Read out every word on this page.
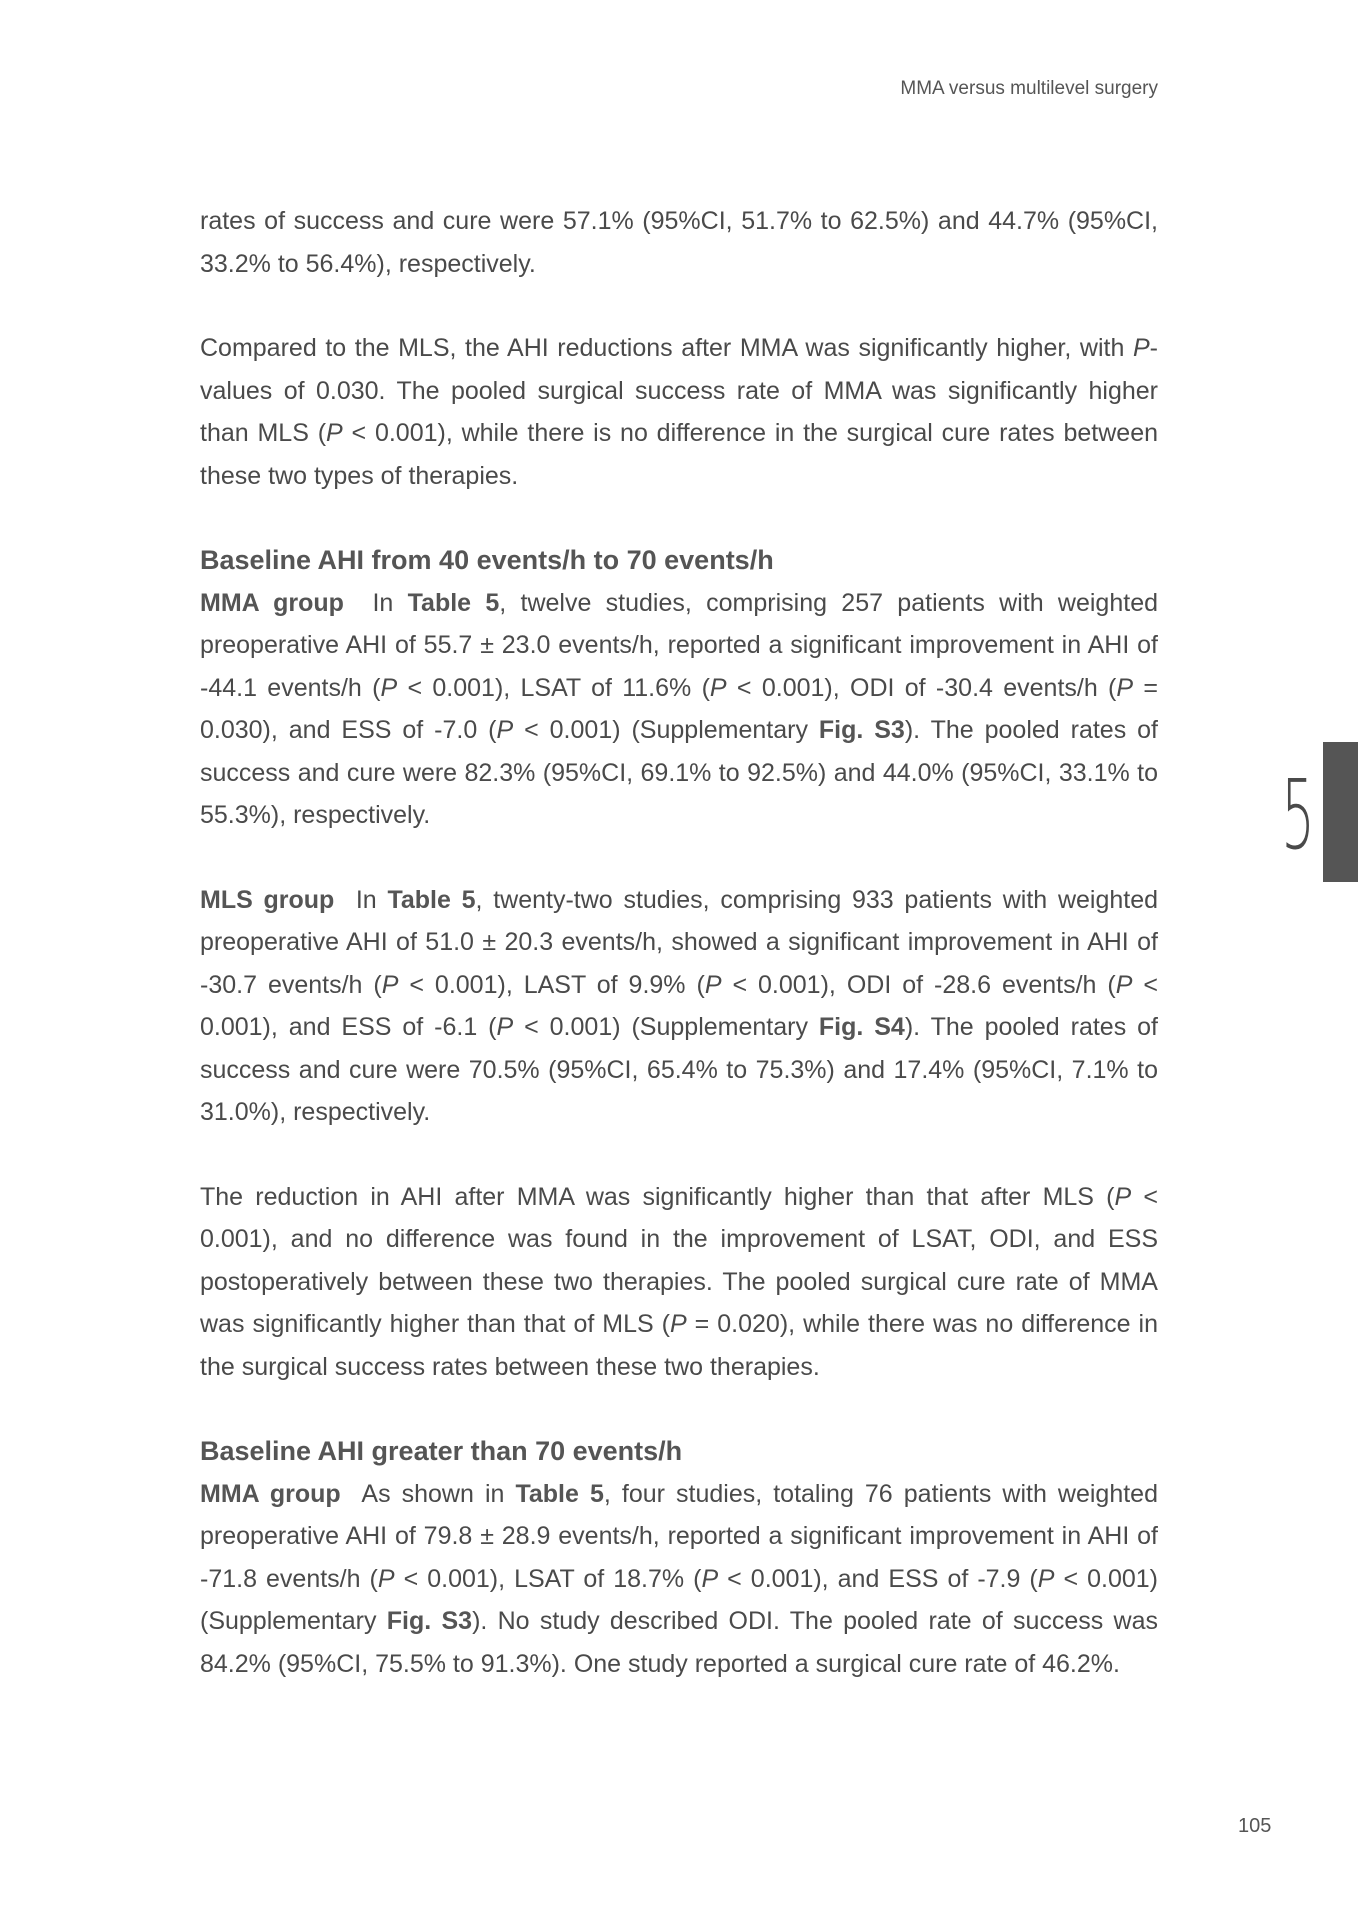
MMA versus multilevel surgery

5

rates of success and cure were 57.1% (95%CI, 51.7% to 62.5%) and 44.7% (95%CI, 33.2% to 56.4%), respectively.

Compared to the MLS, the AHI reductions after MMA was significantly higher, with P-values of 0.030. The pooled surgical success rate of MMA was significantly higher than MLS (P < 0.001), while there is no difference in the surgical cure rates between these two types of therapies.

Baseline AHI from 40 events/h to 70 events/h

MMA group  In Table 5, twelve studies, comprising 257 patients with weighted preoperative AHI of 55.7 ± 23.0 events/h, reported a significant improvement in AHI of -44.1 events/h (P < 0.001), LSAT of 11.6% (P < 0.001), ODI of -30.4 events/h (P = 0.030), and ESS of -7.0 (P < 0.001) (Supplementary Fig. S3). The pooled rates of success and cure were 82.3% (95%CI, 69.1% to 92.5%) and 44.0% (95%CI, 33.1% to 55.3%), respectively.

MLS group  In Table 5, twenty-two studies, comprising 933 patients with weighted preoperative AHI of 51.0 ± 20.3 events/h, showed a significant improvement in AHI of -30.7 events/h (P < 0.001), LAST of 9.9% (P < 0.001), ODI of -28.6 events/h (P < 0.001), and ESS of -6.1 (P < 0.001) (Supplementary Fig. S4). The pooled rates of success and cure were 70.5% (95%CI, 65.4% to 75.3%) and 17.4% (95%CI, 7.1% to 31.0%), respectively.

The reduction in AHI after MMA was significantly higher than that after MLS (P < 0.001), and no difference was found in the improvement of LSAT, ODI, and ESS postoperatively between these two therapies. The pooled surgical cure rate of MMA was significantly higher than that of MLS (P = 0.020), while there was no difference in the surgical success rates between these two therapies.

Baseline AHI greater than 70 events/h

MMA group  As shown in Table 5, four studies, totaling 76 patients with weighted preoperative AHI of 79.8 ± 28.9 events/h, reported a significant improvement in AHI of -71.8 events/h (P < 0.001), LSAT of 18.7% (P < 0.001), and ESS of -7.9 (P < 0.001) (Supplementary Fig. S3). No study described ODI. The pooled rate of success was 84.2% (95%CI, 75.5% to 91.3%). One study reported a surgical cure rate of 46.2%.

105
